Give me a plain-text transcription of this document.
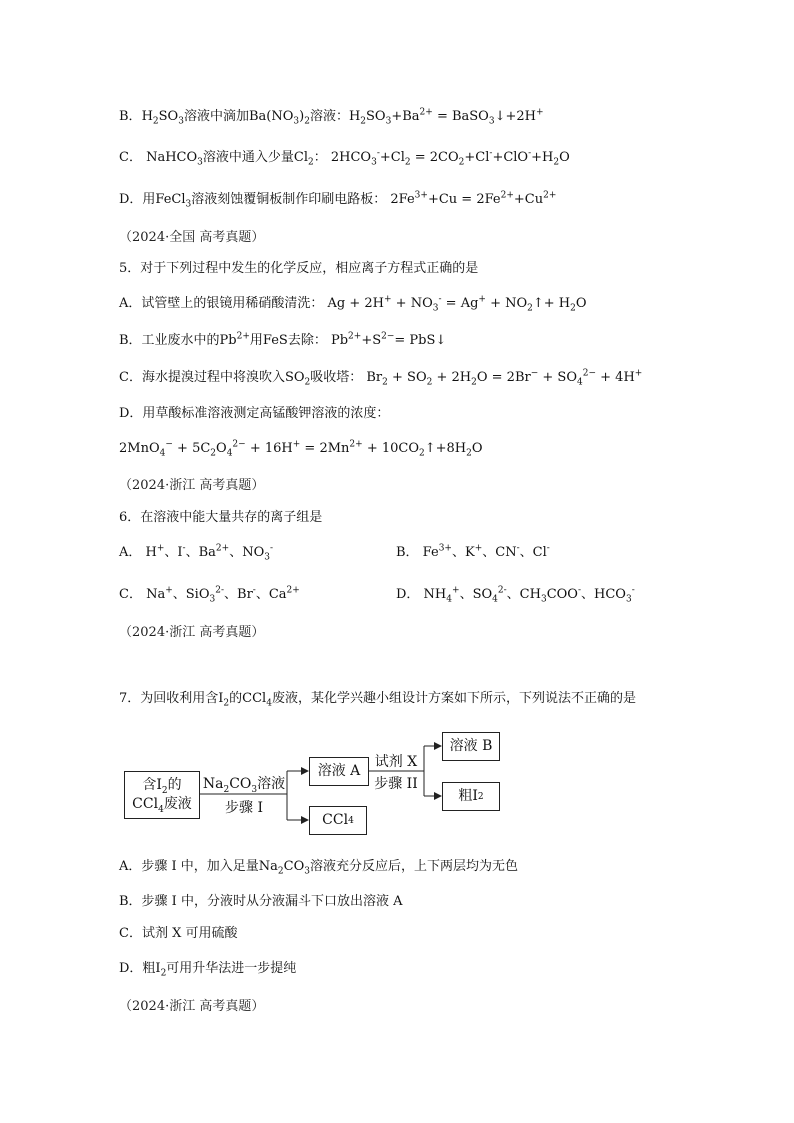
B．$H_2SO_3$溶液中滴加$Ba(NO_3)_2$溶液：$H_2SO_3+Ba^{2+}$ = BaSO$_3$↓+2H+
C． NaHCO$_3$溶液中通入少量$Cl_2$： $2HCO_3^-+Cl_2 = 2CO_2+Cl^-+ClO^-+H_2O$
D．用FeCl$_3$溶液刻蚀覆铜板制作印刷电路板： $2Fe^{3+}+Cu = 2Fe^{2+}+Cu^{2+}$
（2024·全国 高考真题）
5．对于下列过程中发生的化学反应，相应离子方程式正确的是
A．试管壁上的银镜用稀硝酸清洗： $Ag + 2H^+ + NO_3^- = Ag^+$ + $NO_2↑+ H_2O$
B．工业废水中的$Pb^{2+}$用FeS去除： $Pb^{2+}+S^{2-}=$ PbS↓
C．海水提溴过程中将溴吹入$SO_2$吸收塔： $Br_2 + SO_2 + 2H_2O = 2Br^- + SO_4^{2-} + 4H^+$
D．用草酸标准溶液测定高锰酸钾溶液的浓度：
$2MnO_4^- + 5C_2O_4^{2-} + 16H^+ = 2Mn^{2+}$ + $10CO_2↑+8H_2O$
（2024·浙江 高考真题）
6．在溶液中能大量共存的离子组是
A． H+、I-、$Ba^{2+}$、$NO_3^-$	B． $Fe^{3+}$、K+、CN-、Cl-
C． Na+、SiO$_3^{2-}$、Br-、$Ca^{2+}$	D． $NH_4^+$、$SO_4^{2-}$、$CH_3COO^-$、$HCO_3^-$
（2024·浙江 高考真题）
7．为回收利用含$I_2$的CCl$_4$废液，某化学兴趣小组设计方案如下所示，下列说法不正确的是
含$I_2$的
CCl$_4$废液
$Na_2CO_3$溶液
步骤 I
溶液 A
CCl 4
试剂 X
步骤 II
溶液 B
粗I 2
A．步骤 I 中，加入足量$Na_2CO_3$溶液充分反应后，上下两层均为无色
B．步骤 I 中，分液时从分液漏斗下口放出溶液 A
C．试剂 X 可用硫酸
D．粗$I_2$可用升华法进一步提纯
（2024·浙江 高考真题）
